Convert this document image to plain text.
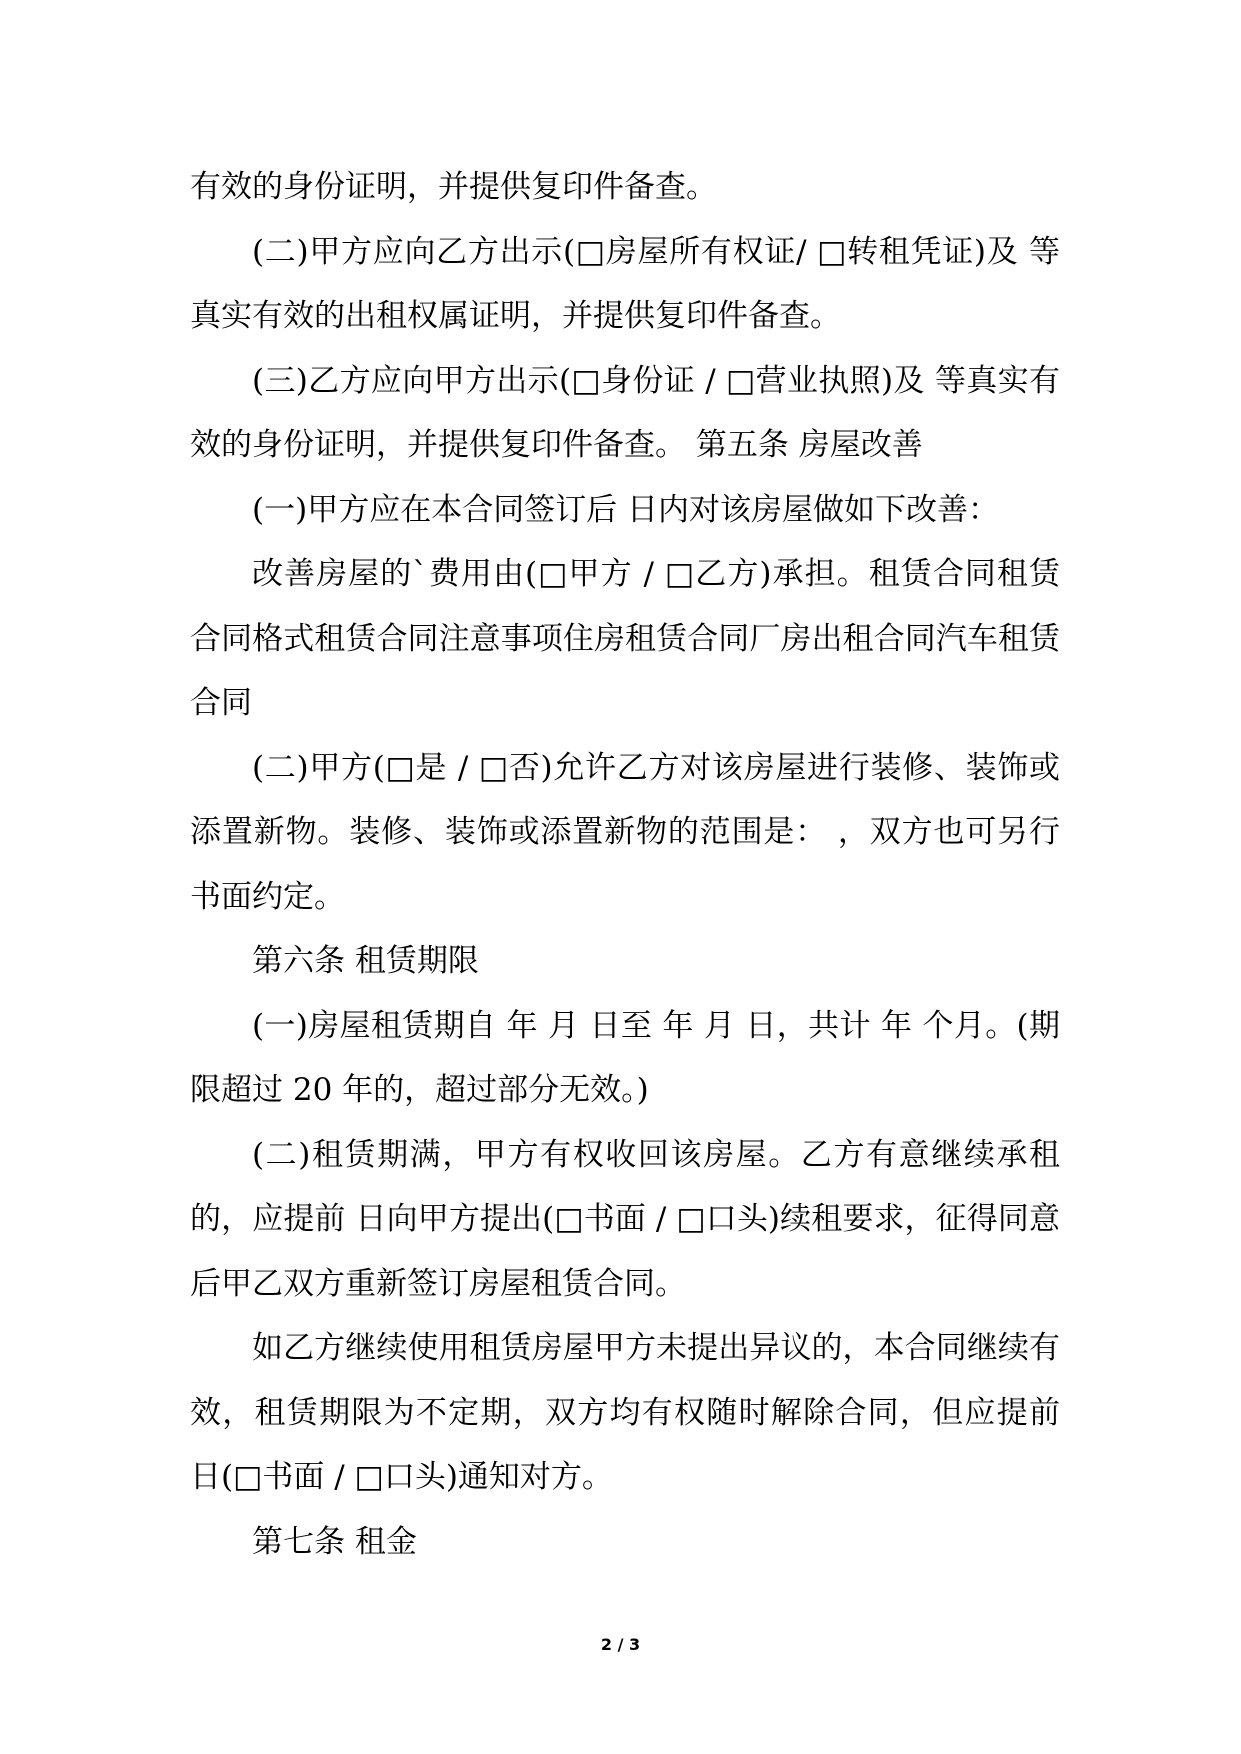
有效的身份证明，并提供复印件备查。

(二)甲方应向乙方出示(□房屋所有权证/ □转租凭证)及 等真实有效的出租权属证明，并提供复印件备查。

(三)乙方应向甲方出示(□身份证 / □营业执照)及 等真实有效的身份证明，并提供复印件备查。 第五条 房屋改善

(一)甲方应在本合同签订后 日内对该房屋做如下改善：

改善房屋的`费用由(□甲方 / □乙方)承担。租赁合同租赁合同格式租赁合同注意事项住房租赁合同厂房出租合同汽车租赁合同

(二)甲方(□是 / □否)允许乙方对该房屋进行装修、装饰或添置新物。装修、装饰或添置新物的范围是： ，双方也可另行书面约定。

第六条 租赁期限

(一)房屋租赁期自 年 月 日至 年 月 日，共计 年 个月。(期限超过 20 年的，超过部分无效。)

(二)租赁期满，甲方有权收回该房屋。乙方有意继续承租的，应提前 日向甲方提出(□书面 / □口头)续租要求，征得同意后甲乙双方重新签订房屋租赁合同。

如乙方继续使用租赁房屋甲方未提出异议的，本合同继续有效，租赁期限为不定期，双方均有权随时解除合同，但应提前 日(□书面 / □口头)通知对方。

第七条 租金

2 / 3
